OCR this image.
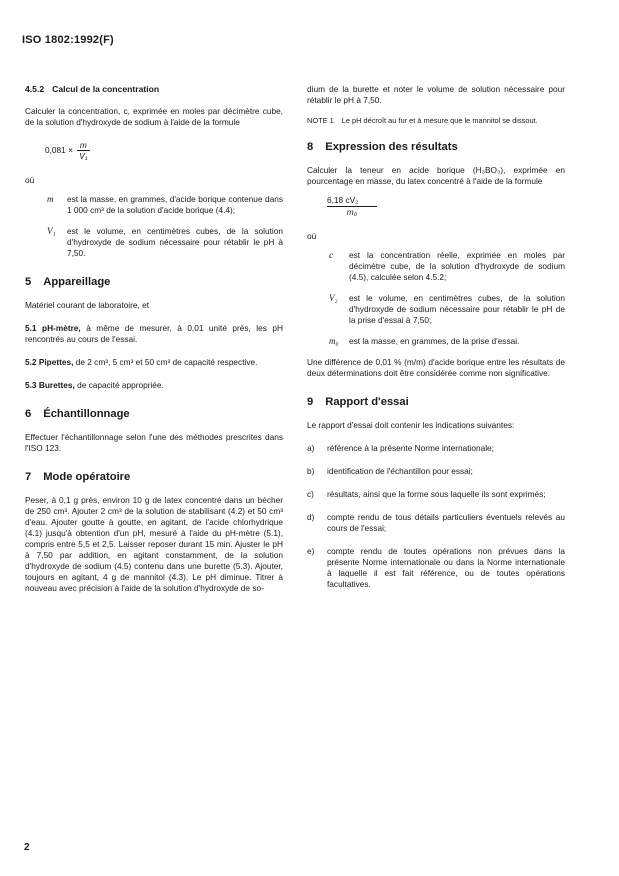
ISO 1802:1992(F)
4.5.2 Calcul de la concentration

Calculer la concentration, c, exprimée en moles par décimètre cube, de la solution d'hydroxyde de sodium à l'aide de la formule

$0,081 \times \frac{m}{\text{V₁}}$
où
m	est la masse, en grammes, d'acide borique contenue dans 1 000 cm³ de la solution d'acide borique (4.4);
V₁	est le volume, en centimètres cubes, de la solution d'hydroxyde de sodium nécessaire pour rétablir le pH à 7,50.
5 Appareillage

Matériel courant de laboratoire, et

5.1 pH-mètre, à même de mesurer, à 0,01 unité près, les pH rencontrés au cours de l'essai.
5.2 Pipettes, de 2 cm³, 5 cm³ et 50 cm³ de capacité respective.
5.3 Burettes, de capacité appropriée.
6 Échantillonnage

Effectuer l'échantillonnage selon l'une des méthodes prescrites dans l'ISO 123.

7 Mode opératoire

Peser, à 0,1 g près, environ 10 g de latex concentré dans un bécher de 250 cm³. Ajouter 2 cm³ de la solution de stabilisant (4.2) et 50 cm³ d'eau. Ajouter goutte à goutte, en agitant, de l'acide chlorhydrique (4.1) jusqu'à obtention d'un pH, mesuré à l'aide du pH-mètre (5.1), compris entre 5,5 et 2,5. Laisser reposer durant 15 min. Ajuster le pH à 7,50 par addition, en agitant constamment, de la solution d'hydroxyde de sodium (4.5) contenu dans une burette (5.3). Ajouter, toujours en agitant, 4 g de mannitol (4.3). Le pH diminue. Titrer à nouveau avec précision à l'aide de la solution d'hydroxyde de so-

dium de la burette et noter le volume de solution nécessaire pour rétablir le pH à 7,50.

NOTE 1 Le pH décroît au fur et à mesure que le mannitol se dissout.
8 Expression des résultats

Calculer la teneur en acide borique (H₃BO₃), exprimée en pourcentage en masse, du latex concentré à l'aide de la formule

$\frac{\text{6,18 cV₂}}{\text{m₀}}$
où
c	est la concentration réelle, exprimée en moles par décimètre cube, de la solution d'hydroxyde de sodium (4.5), calculée selon 4.5.2;
V₂	est le volume, en centimètres cubes, de la solution d'hydroxyde de sodium nécessaire pour rétablir le pH de la prise d'essai à 7,50;
m₀	est la masse, en grammes, de la prise d'essai.

Une différence de 0,01 % (m/m) d'acide borique entre les résultats de deux déterminations doit être considérée comme non significative.

9 Rapport d'essai

Le rapport d'essai doit contenir les indications suivantes:

a)	référence à la présente Norme internationale;
b)	identification de l'échantillon pour essai;
c)	résultats, ainsi que la forme sous laquelle ils sont exprimés;
d)	compte rendu de tous détails particuliers éventuels relevés au cours de l'essai;
e)	compte rendu de toutes opérations non prévues dans la présente Norme internationale ou dans la Norme internationale à laquelle il est fait référence, ou de toutes opérations facultatives.
2
